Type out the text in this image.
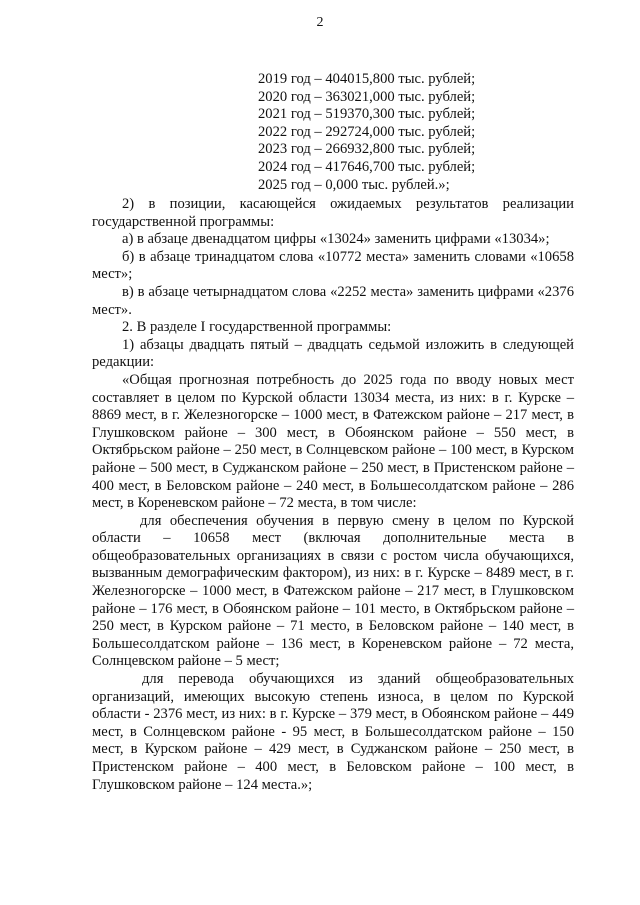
2
2019 год – 404015,800 тыс. рублей;
2020 год – 363021,000 тыс. рублей;
2021 год – 519370,300 тыс. рублей;
2022 год – 292724,000 тыс. рублей;
2023 год – 266932,800 тыс. рублей;
2024 год – 417646,700 тыс. рублей;
2025 год – 0,000 тыс. рублей.»;

2) в позиции, касающейся ожидаемых результатов реализации государственной программы:

а) в абзаце двенадцатом цифры «13024» заменить цифрами «13034»;

б) в абзаце тринадцатом слова «10772 места» заменить словами «10658 мест»;

в) в абзаце четырнадцатом слова «2252 места» заменить цифрами «2376 мест».

2. В разделе I государственной программы:

1) абзацы двадцать пятый – двадцать седьмой изложить в следующей редакции:

«Общая прогнозная потребность до 2025 года по вводу новых мест составляет в целом по Курской области 13034 места, из них: в г. Курске – 8869 мест, в г. Железногорске – 1000 мест, в Фатежском районе – 217 мест, в Глушковском районе – 300 мест, в Обоянском районе – 550 мест, в Октябрьском районе – 250 мест, в Солнцевском районе – 100 мест, в Курском районе – 500 мест, в Суджанском районе – 250 мест, в Пристенском районе – 400 мест, в Беловском районе – 240 мест, в Большесолдатском районе – 286 мест, в Кореневском районе – 72 места, в том числе:

для обеспечения обучения в первую смену в целом по Курской области – 10658 мест (включая дополнительные места в общеобразовательных организациях в связи с ростом числа обучающихся, вызванным демографическим фактором), из них: в г. Курске – 8489 мест, в г. Железногорске – 1000 мест, в Фатежском районе – 217 мест, в Глушковском районе – 176 мест, в Обоянском районе – 101 место, в Октябрьском районе – 250 мест, в Курском районе – 71 место, в Беловском районе – 140 мест, в Большесолдатском районе – 136 мест, в Кореневском районе – 72 места, Солнцевском районе – 5 мест;

для перевода обучающихся из зданий общеобразовательных организаций, имеющих высокую степень износа, в целом по Курской области - 2376 мест, из них: в г. Курске – 379 мест, в Обоянском районе – 449 мест, в Солнцевском районе - 95 мест, в Большесолдатском районе – 150 мест, в Курском районе – 429 мест, в Суджанском районе – 250 мест, в Пристенском районе – 400 мест, в Беловском районе – 100 мест, в Глушковском районе – 124 места.»;
